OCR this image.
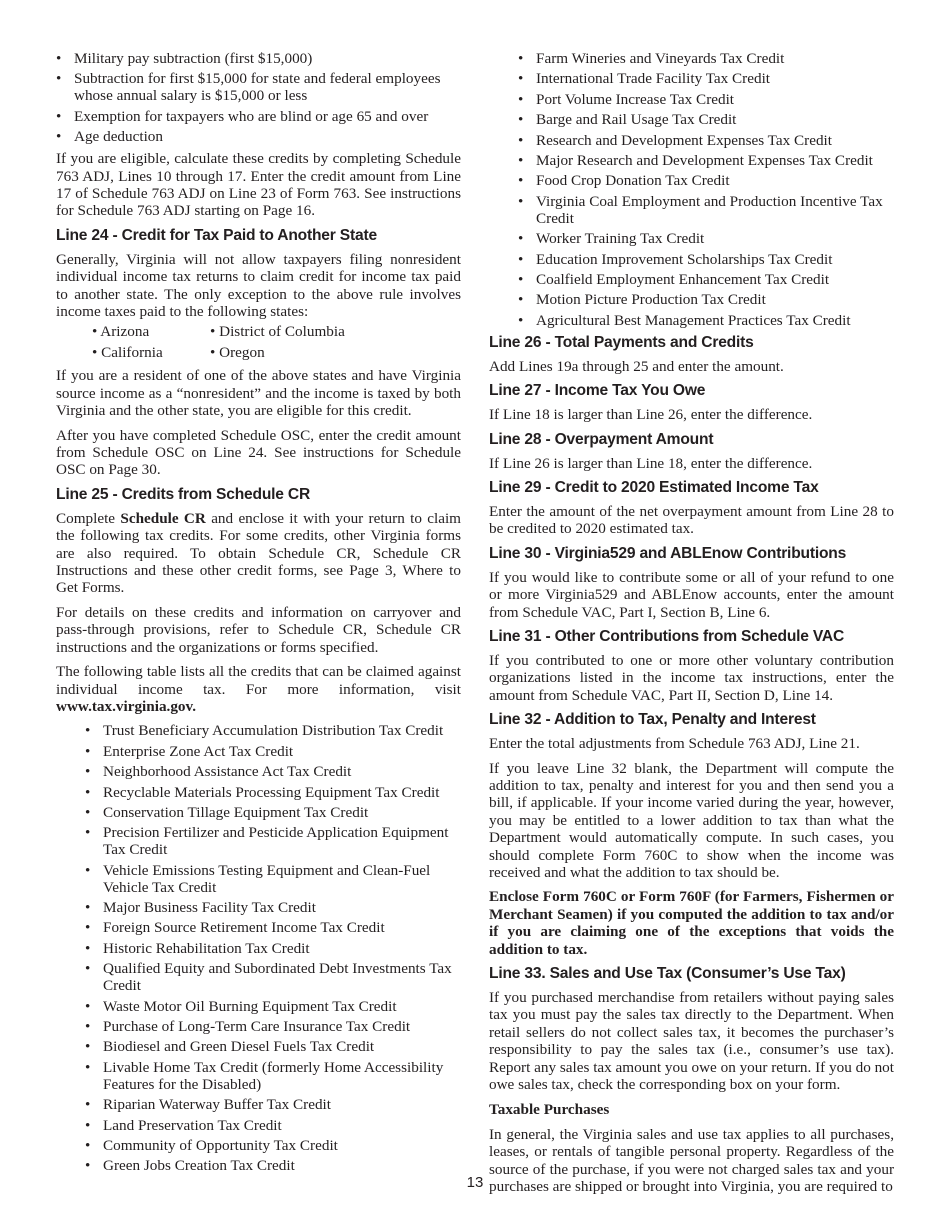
• Military pay subtraction (first $15,000)
• Subtraction for first $15,000 for state and federal employees whose annual salary is $15,000 or less
• Exemption for taxpayers who are blind or age 65 and over
• Age deduction

If you are eligible, calculate these credits by completing Schedule 763 ADJ, Lines 10 through 17. Enter the credit amount from Line 17 of Schedule 763 ADJ on Line 23 of Form 763. See instructions for Schedule 763 ADJ starting on Page 16.

Line 24 - Credit for Tax Paid to Another State

Generally, Virginia will not allow taxpayers filing nonresident individual income tax returns to claim credit for income tax paid to another state. The only exception to the above rule involves income taxes paid to the following states:

• Arizona	• District of Columbia
• California	• Oregon

If you are a resident of one of the above states and have Virginia source income as a “nonresident” and the income is taxed by both Virginia and the other state, you are eligible for this credit.

After you have completed Schedule OSC, enter the credit amount from Schedule OSC on Line 24. See instructions for Schedule OSC on Page 30.

Line 25 - Credits from Schedule CR

Complete Schedule CR and enclose it with your return to claim the following tax credits. For some credits, other Virginia forms are also required. To obtain Schedule CR, Schedule CR Instructions and these other credit forms, see Page 3, Where to Get Forms.

For details on these credits and information on carryover and pass-through provisions, refer to Schedule CR, Schedule CR instructions and the organizations or forms specified.

The following table lists all the credits that can be claimed against individual income tax. For more information, visit www.tax.virginia.gov.

• Trust Beneficiary Accumulation Distribution Tax Credit
• Enterprise Zone Act Tax Credit
• Neighborhood Assistance Act Tax Credit
• Recyclable Materials Processing Equipment Tax Credit
• Conservation Tillage Equipment Tax Credit
• Precision Fertilizer and Pesticide Application Equipment Tax Credit
• Vehicle Emissions Testing Equipment and Clean-Fuel Vehicle Tax Credit
• Major Business Facility Tax Credit
• Foreign Source Retirement Income Tax Credit
• Historic Rehabilitation Tax Credit
• Qualified Equity and Subordinated Debt Investments Tax Credit
• Waste Motor Oil Burning Equipment Tax Credit
• Purchase of Long-Term Care Insurance Tax Credit
• Biodiesel and Green Diesel Fuels Tax Credit
• Livable Home Tax Credit (formerly Home Accessibility Features for the Disabled)
• Riparian Waterway Buffer Tax Credit
• Land Preservation Tax Credit
• Community of Opportunity Tax Credit
• Green Jobs Creation Tax Credit
• Farm Wineries and Vineyards Tax Credit
• International Trade Facility Tax Credit
• Port Volume Increase Tax Credit
• Barge and Rail Usage Tax Credit
• Research and Development Expenses Tax Credit
• Major Research and Development Expenses Tax Credit
• Food Crop Donation Tax Credit
• Virginia Coal Employment and Production Incentive Tax Credit
• Worker Training Tax Credit
• Education Improvement Scholarships Tax Credit
• Coalfield Employment Enhancement Tax Credit
• Motion Picture Production Tax Credit
• Agricultural Best Management Practices Tax Credit
Line 26 - Total Payments and Credits

Add Lines 19a through 25 and enter the amount.

Line 27 - Income Tax You Owe

If Line 18 is larger than Line 26, enter the difference.

Line 28 - Overpayment Amount

If Line 26 is larger than Line 18, enter the difference.

Line 29 - Credit to 2020 Estimated Income Tax

Enter the amount of the net overpayment amount from Line 28 to be credited to 2020 estimated tax.

Line 30 - Virginia529 and ABLEnow Contributions

If you would like to contribute some or all of your refund to one or more Virginia529 and ABLEnow accounts, enter the amount from Schedule VAC, Part I, Section B, Line 6.

Line 31 - Other Contributions from Schedule VAC

If you contributed to one or more other voluntary contribution organizations listed in the income tax instructions, enter the amount from Schedule VAC, Part II, Section D, Line 14.

Line 32 - Addition to Tax, Penalty and Interest

Enter the total adjustments from Schedule 763 ADJ, Line 21.

If you leave Line 32 blank, the Department will compute the addition to tax, penalty and interest for you and then send you a bill, if applicable. If your income varied during the year, however, you may be entitled to a lower addition to tax than what the Department would automatically compute. In such cases, you should complete Form 760C to show when the income was received and what the addition to tax should be.

Enclose Form 760C or Form 760F (for Farmers, Fishermen or Merchant Seamen) if you computed the addition to tax and/or if you are claiming one of the exceptions that voids the addition to tax.

Line 33. Sales and Use Tax (Consumer’s Use Tax)

If you purchased merchandise from retailers without paying sales tax you must pay the sales tax directly to the Department. When retail sellers do not collect sales tax, it becomes the purchaser’s responsibility to pay the sales tax (i.e., consumer’s use tax). Report any sales tax amount you owe on your return. If you do not owe sales tax, check the corresponding box on your form.

Taxable Purchases

In general, the Virginia sales and use tax applies to all purchases, leases, or rentals of tangible personal property. Regardless of the source of the purchase, if you were not charged sales tax and your purchases are shipped or brought into Virginia, you are required to

13
